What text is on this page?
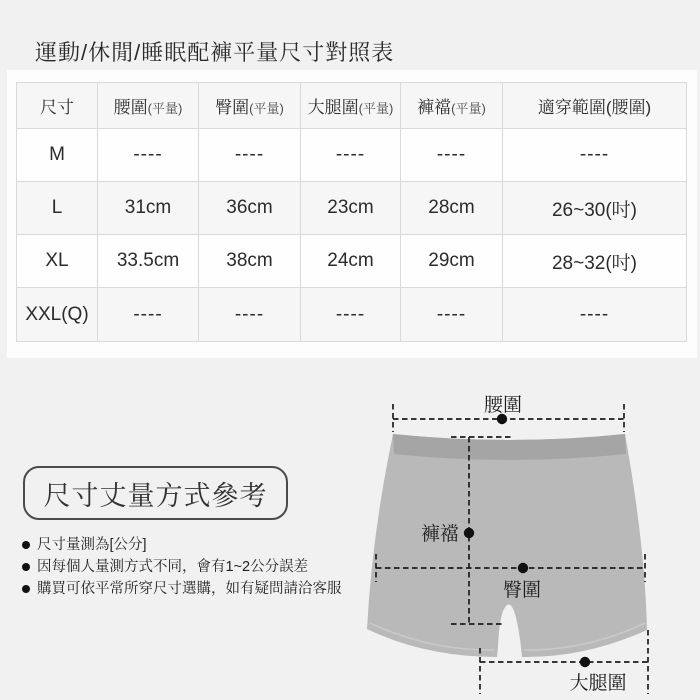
運動/休閒/睡眠配褲平量尺寸對照表
尺寸	腰圍(平量)	臀圍(平量)	大腿圍(平量)	褲襠(平量)	適穿範圍(腰圍)
M	----	----	----	----	----
L	31cm	36cm	23cm	28cm	26~30(吋)
XL	33.5cm	38cm	24cm	29cm	28~32(吋)
XXL(Q)	----	----	----	----	----
尺寸丈量方式參考
尺寸量測為[公分]
因每個人量測方式不同，會有1~2公分誤差
購買可依平常所穿尺寸選購，如有疑問請洽客服
腰圍
褲襠
臀圍
大腿圍
